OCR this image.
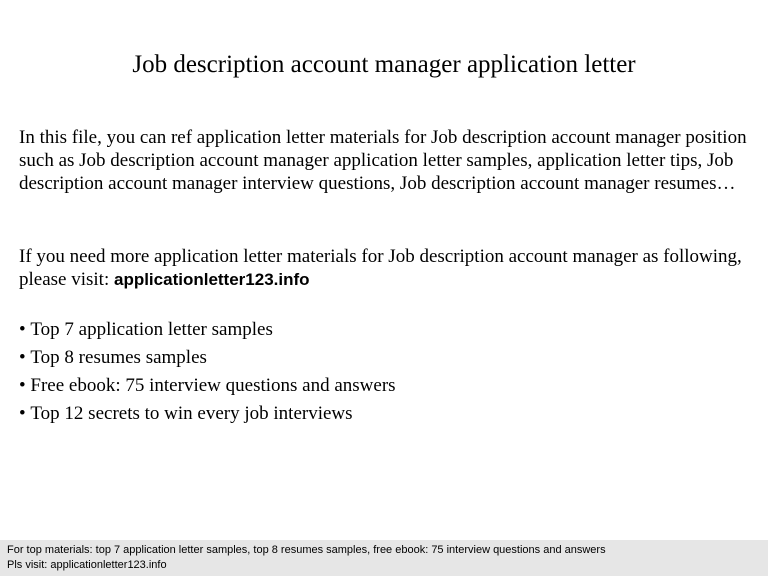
Job description account manager application letter

In this file, you can ref application letter materials for Job description account manager position such as Job description account manager application letter samples, application letter tips, Job description account manager interview questions, Job description account manager resumes…

If you need more application letter materials for Job description account manager as following, please visit: applicationletter123.info

• Top 7 application letter samples
• Top 8 resumes samples
• Free ebook: 75 interview questions and answers
• Top 12 secrets to win every job interviews
For top materials: top 7 application letter samples, top 8 resumes samples, free ebook: 75 interview questions and answers
Pls visit: applicationletter123.info
